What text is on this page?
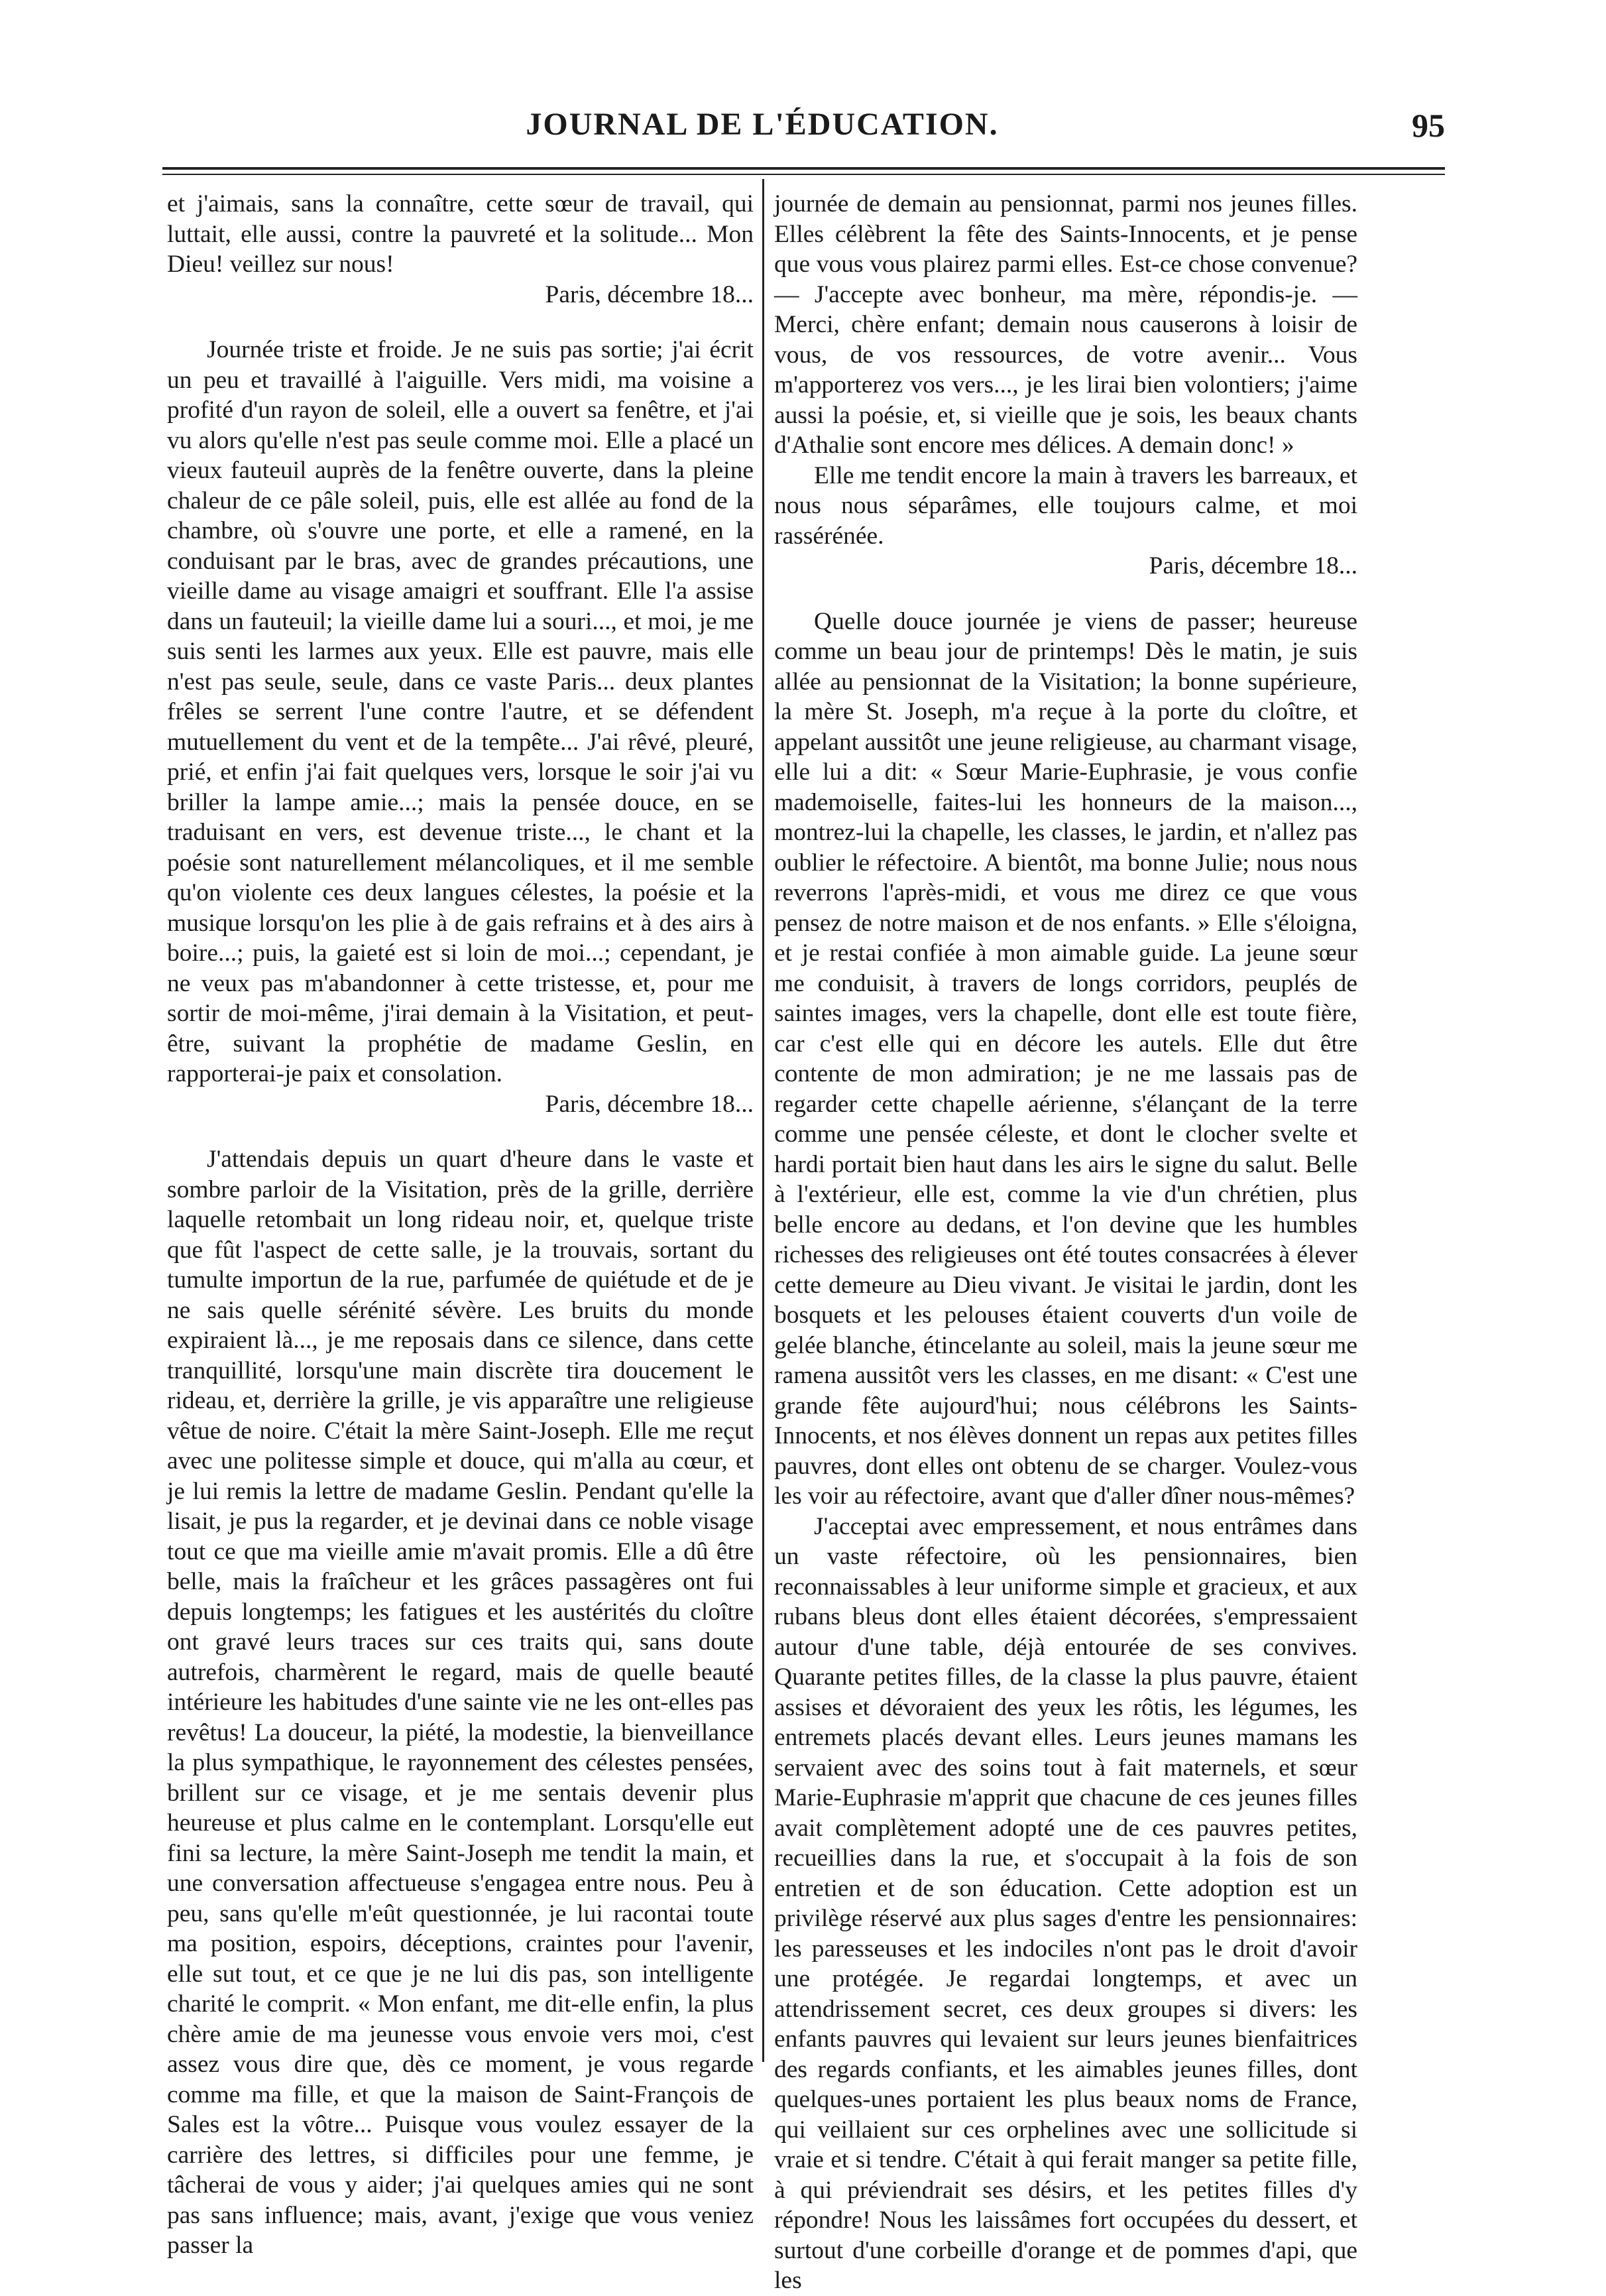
JOURNAL DE L'ÉDUCATION.	95

et j'aimais, sans la connaître, cette sœur de travail, qui luttait, elle aussi, contre la pauvreté et la solitude... Mon Dieu! veillez sur nous!

Paris, décembre 18...

Journée triste et froide. Je ne suis pas sortie; j'ai écrit un peu et travaillé à l'aiguille. Vers midi, ma voisine a profité d'un rayon de soleil, elle a ouvert sa fenêtre, et j'ai vu alors qu'elle n'est pas seule comme moi. Elle a placé un vieux fauteuil auprès de la fenêtre ouverte, dans la pleine chaleur de ce pâle soleil, puis, elle est allée au fond de la chambre, où s'ouvre une porte, et elle a ramené, en la conduisant par le bras, avec de grandes précautions, une vieille dame au visage amaigri et souffrant. Elle l'a assise dans un fauteuil; la vieille dame lui a souri..., et moi, je me suis senti les larmes aux yeux. Elle est pauvre, mais elle n'est pas seule, seule, dans ce vaste Paris... deux plantes frêles se serrent l'une contre l'autre, et se défendent mutuellement du vent et de la tempête... J'ai rêvé, pleuré, prié, et enfin j'ai fait quelques vers, lorsque le soir j'ai vu briller la lampe amie...; mais la pensée douce, en se traduisant en vers, est devenue triste..., le chant et la poésie sont naturellement mélancoliques, et il me semble qu'on violente ces deux langues célestes, la poésie et la musique lorsqu'on les plie à de gais refrains et à des airs à boire...; puis, la gaieté est si loin de moi...; cependant, je ne veux pas m'abandonner à cette tristesse, et, pour me sortir de moi-même, j'irai demain à la Visitation, et peut-être, suivant la prophétie de madame Geslin, en rapporterai-je paix et consolation.

Paris, décembre 18...

J'attendais depuis un quart d'heure dans le vaste et sombre parloir de la Visitation, près de la grille, derrière laquelle retombait un long rideau noir, et, quelque triste que fût l'aspect de cette salle, je la trouvais, sortant du tumulte importun de la rue, parfumée de quiétude et de je ne sais quelle sérénité sévère. Les bruits du monde expiraient là..., je me reposais dans ce silence, dans cette tranquillité, lorsqu'une main discrète tira doucement le rideau, et, derrière la grille, je vis apparaître une religieuse vêtue de noire. C'était la mère Saint-Joseph. Elle me reçut avec une politesse simple et douce, qui m'alla au cœur, et je lui remis la lettre de madame Geslin. Pendant qu'elle la lisait, je pus la regarder, et je devinai dans ce noble visage tout ce que ma vieille amie m'avait promis. Elle a dû être belle, mais la fraîcheur et les grâces passagères ont fui depuis longtemps; les fatigues et les austérités du cloître ont gravé leurs traces sur ces traits qui, sans doute autrefois, charmèrent le regard, mais de quelle beauté intérieure les habitudes d'une sainte vie ne les ont-elles pas revêtus! La douceur, la piété, la modestie, la bienveillance la plus sympathique, le rayonnement des célestes pensées, brillent sur ce visage, et je me sentais devenir plus heureuse et plus calme en le contemplant. Lorsqu'elle eut fini sa lecture, la mère Saint-Joseph me tendit la main, et une conversation affectueuse s'engagea entre nous. Peu à peu, sans qu'elle m'eût questionnée, je lui racontai toute ma position, espoirs, déceptions, craintes pour l'avenir, elle sut tout, et ce que je ne lui dis pas, son intelligente charité le comprit. « Mon enfant, me dit-elle enfin, la plus chère amie de ma jeunesse vous envoie vers moi, c'est assez vous dire que, dès ce moment, je vous regarde comme ma fille, et que la maison de Saint-François de Sales est la vôtre... Puisque vous voulez essayer de la carrière des lettres, si difficiles pour une femme, je tâcherai de vous y aider; j'ai quelques amies qui ne sont pas sans influence; mais, avant, j'exige que vous veniez passer la

journée de demain au pensionnat, parmi nos jeunes filles. Elles célèbrent la fête des Saints-Innocents, et je pense que vous vous plairez parmi elles. Est-ce chose convenue? — J'accepte avec bonheur, ma mère, répondis-je. — Merci, chère enfant; demain nous causerons à loisir de vous, de vos ressources, de votre avenir... Vous m'apporterez vos vers..., je les lirai bien volontiers; j'aime aussi la poésie, et, si vieille que je sois, les beaux chants d'Athalie sont encore mes délices. A demain donc! »

Elle me tendit encore la main à travers les barreaux, et nous nous séparâmes, elle toujours calme, et moi rassérénée.

Paris, décembre 18...

Quelle douce journée je viens de passer; heureuse comme un beau jour de printemps! Dès le matin, je suis allée au pensionnat de la Visitation; la bonne supérieure, la mère St. Joseph, m'a reçue à la porte du cloître, et appelant aussitôt une jeune religieuse, au charmant visage, elle lui a dit: « Sœur Marie-Euphrasie, je vous confie mademoiselle, faites-lui les honneurs de la maison..., montrez-lui la chapelle, les classes, le jardin, et n'allez pas oublier le réfectoire. A bientôt, ma bonne Julie; nous nous reverrons l'après-midi, et vous me direz ce que vous pensez de notre maison et de nos enfants. » Elle s'éloigna, et je restai confiée à mon aimable guide. La jeune sœur me conduisit, à travers de longs corridors, peuplés de saintes images, vers la chapelle, dont elle est toute fière, car c'est elle qui en décore les autels. Elle dut être contente de mon admiration; je ne me lassais pas de regarder cette chapelle aérienne, s'élançant de la terre comme une pensée céleste, et dont le clocher svelte et hardi portait bien haut dans les airs le signe du salut. Belle à l'extérieur, elle est, comme la vie d'un chrétien, plus belle encore au dedans, et l'on devine que les humbles richesses des religieuses ont été toutes consacrées à élever cette demeure au Dieu vivant. Je visitai le jardin, dont les bosquets et les pelouses étaient couverts d'un voile de gelée blanche, étincelante au soleil, mais la jeune sœur me ramena aussitôt vers les classes, en me disant: « C'est une grande fête aujourd'hui; nous célébrons les Saints-Innocents, et nos élèves donnent un repas aux petites filles pauvres, dont elles ont obtenu de se charger. Voulez-vous les voir au réfectoire, avant que d'aller dîner nous-mêmes?

J'acceptai avec empressement, et nous entrâmes dans un vaste réfectoire, où les pensionnaires, bien reconnaissables à leur uniforme simple et gracieux, et aux rubans bleus dont elles étaient décorées, s'empressaient autour d'une table, déjà entourée de ses convives. Quarante petites filles, de la classe la plus pauvre, étaient assises et dévoraient des yeux les rôtis, les légumes, les entremets placés devant elles. Leurs jeunes mamans les servaient avec des soins tout à fait maternels, et sœur Marie-Euphrasie m'apprit que chacune de ces jeunes filles avait complètement adopté une de ces pauvres petites, recueillies dans la rue, et s'occupait à la fois de son entretien et de son éducation. Cette adoption est un privilège réservé aux plus sages d'entre les pensionnaires: les paresseuses et les indociles n'ont pas le droit d'avoir une protégée. Je regardai longtemps, et avec un attendrissement secret, ces deux groupes si divers: les enfants pauvres qui levaient sur leurs jeunes bienfaitrices des regards confiants, et les aimables jeunes filles, dont quelques-unes portaient les plus beaux noms de France, qui veillaient sur ces orphelines avec une sollicitude si vraie et si tendre. C'était à qui ferait manger sa petite fille, à qui préviendrait ses désirs, et les petites filles d'y répondre! Nous les laissâmes fort occupées du dessert, et surtout d'une corbeille d'orange et de pommes d'api, que les
